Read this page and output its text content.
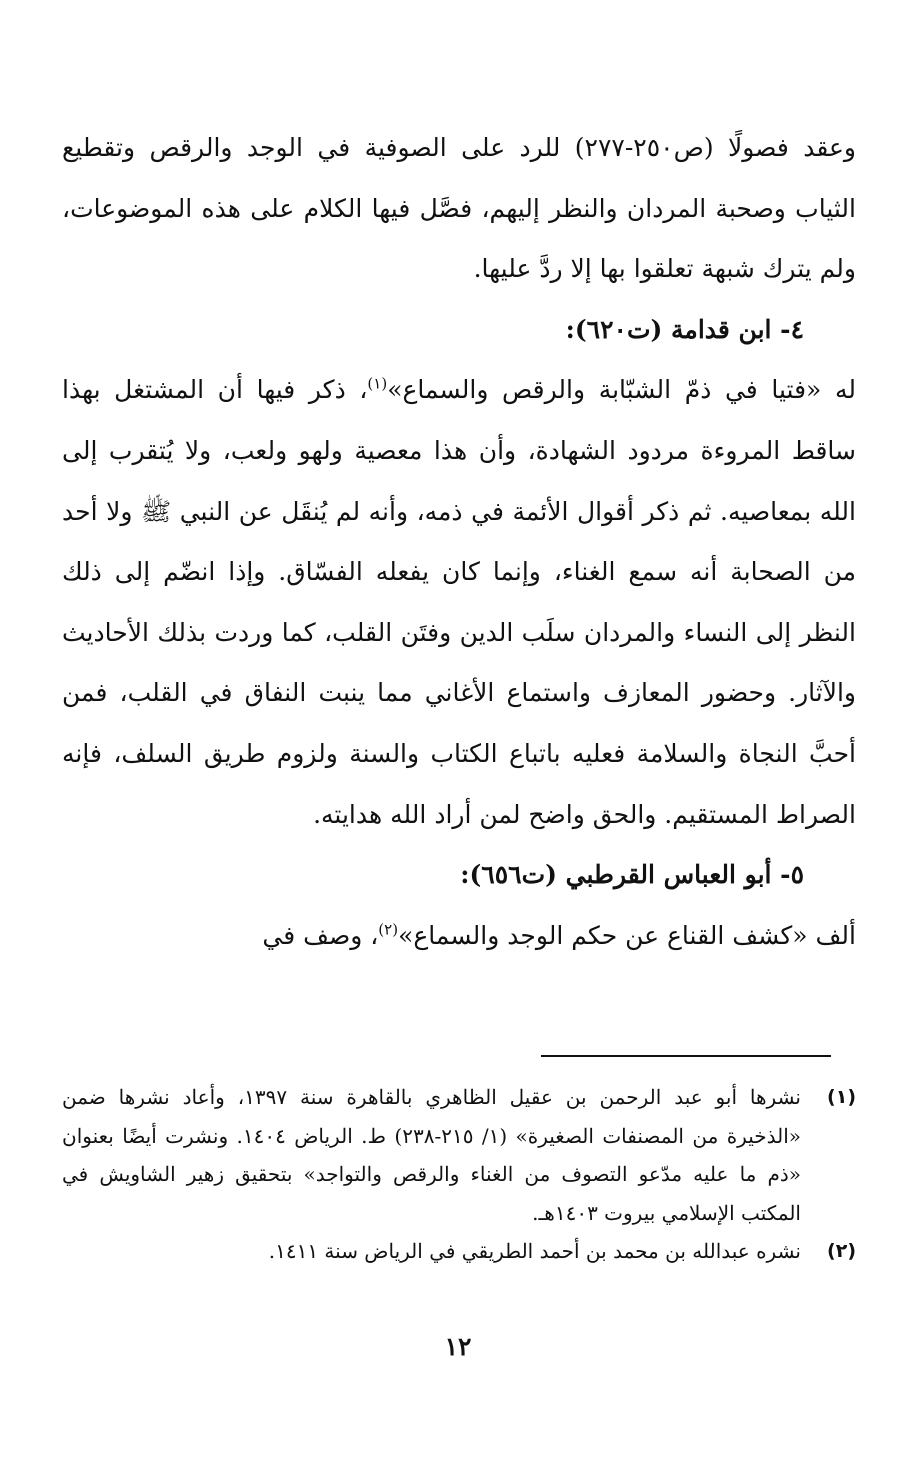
وعقد فصولًا (ص٢٥٠-٢٧٧) للرد على الصوفية في الوجد والرقص وتقطيع الثياب وصحبة المردان والنظر إليهم، فصَّل فيها الكلام على هذه الموضوعات، ولم يترك شبهة تعلقوا بها إلا ردَّ عليها.

٤- ابن قدامة (ت٦٢٠):

له «فتيا في ذمّ الشبّابة والرقص والسماع»$^{(١)}$، ذكر فيها أن المشتغل بهذا ساقط المروءة مردود الشهادة، وأن هذا معصية ولهو ولعب، ولا يُتقرب إلى الله بمعاصيه. ثم ذكر أقوال الأئمة في ذمه، وأنه لم يُنقَل عن النبي ﷺ ولا أحد من الصحابة أنه سمع الغناء، وإنما كان يفعله الفسّاق. وإذا انضّم إلى ذلك النظر إلى النساء والمردان سلَب الدين وفتَن القلب، كما وردت بذلك الأحاديث والآثار. وحضور المعازف واستماع الأغاني مما ينبت النفاق في القلب، فمن أحبَّ النجاة والسلامة فعليه باتباع الكتاب والسنة ولزوم طريق السلف، فإنه الصراط المستقيم. والحق واضح لمن أراد الله هدايته.

٥- أبو العباس القرطبي (ت٦٥٦):

ألف «كشف القناع عن حكم الوجد والسماع»$^{(٢)}$، وصف في

(١)
نشرها أبو عبد الرحمن بن عقيل الظاهري بالقاهرة سنة ١٣٩٧، وأعاد نشرها ضمن «الذخيرة من المصنفات الصغيرة» (١/ ٢١٥-٢٣٨) ط. الرياض ١٤٠٤. ونشرت أيضًا بعنوان «ذم ما عليه مدّعو التصوف من الغناء والرقص والتواجد» بتحقيق زهير الشاويش في المكتب الإسلامي بيروت ١٤٠٣هـ.
(٢)
نشره عبدالله بن محمد بن أحمد الطريقي في الرياض سنة ١٤١١.
١٢
